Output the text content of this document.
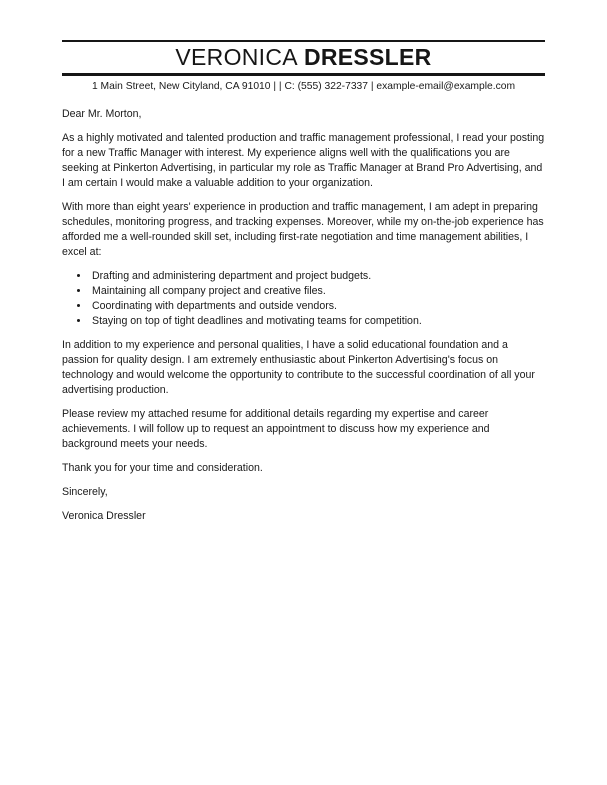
VERONICA DRESSLER
1 Main Street, New Cityland, CA 91010 | | C: (555) 322-7337 | example-email@example.com

Dear Mr. Morton,

As a highly motivated and talented production and traffic management professional, I read your posting for a new Traffic Manager with interest. My experience aligns well with the qualifications you are seeking at Pinkerton Advertising, in particular my role as Traffic Manager at Brand Pro Advertising, and I am certain I would make a valuable addition to your organization.

With more than eight years' experience in production and traffic management, I am adept in preparing schedules, monitoring progress, and tracking expenses. Moreover, while my on-the-job experience has afforded me a well-rounded skill set, including first-rate negotiation and time management abilities, I excel at:

• Drafting and administering department and project budgets.
• Maintaining all company project and creative files.
• Coordinating with departments and outside vendors.
• Staying on top of tight deadlines and motivating teams for competition.

In addition to my experience and personal qualities, I have a solid educational foundation and a passion for quality design. I am extremely enthusiastic about Pinkerton Advertising's focus on technology and would welcome the opportunity to contribute to the successful coordination of all your advertising production.

Please review my attached resume for additional details regarding my expertise and career achievements. I will follow up to request an appointment to discuss how my experience and background meets your needs.

Thank you for your time and consideration.

Sincerely,

Veronica Dressler
